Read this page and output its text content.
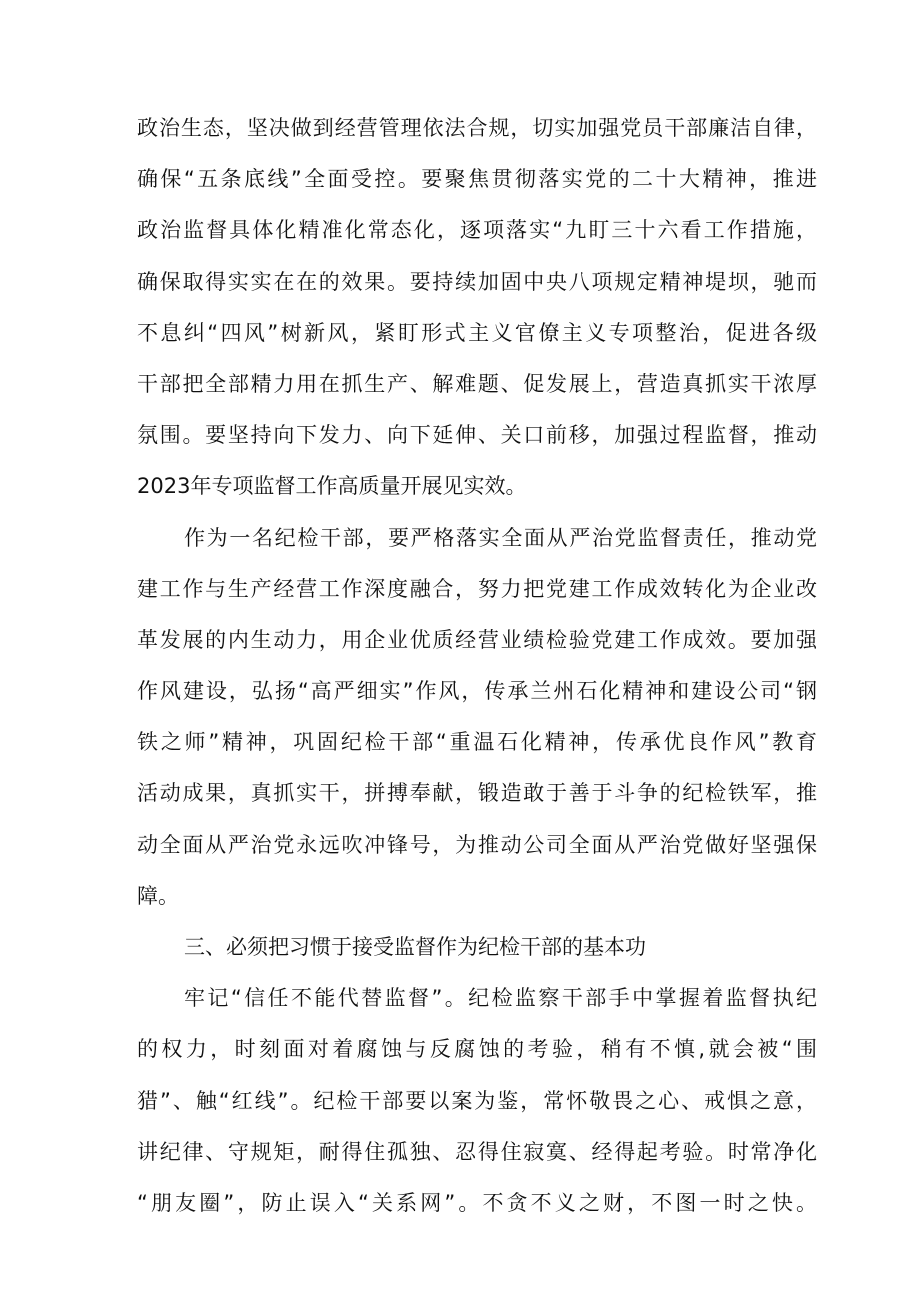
政治生态，坚决做到经营管理依法合规，切实加强党员干部廉洁自律，
确保“五条底线”全面受控。要聚焦贯彻落实党的二十大精神，推进
政治监督具体化精准化常态化，逐项落实“九盯三十六看工作措施，
确保取得实实在在的效果。要持续加固中央八项规定精神堤坝，驰而
不息纠“四风”树新风，紧盯形式主义官僚主义专项整治，促进各级
干部把全部精力用在抓生产、解难题、促发展上，营造真抓实干浓厚
氛围。要坚持向下发力、向下延伸、关口前移，加强过程监督，推动
2023年专项监督工作高质量开展见实效。
作为一名纪检干部，要严格落实全面从严治党监督责任，推动党
建工作与生产经营工作深度融合，努力把党建工作成效转化为企业改
革发展的内生动力，用企业优质经营业绩检验党建工作成效。要加强
作风建设，弘扬“高严细实”作风，传承兰州石化精神和建设公司“钢
铁之师”精神，巩固纪检干部“重温石化精神，传承优良作风”教育
活动成果，真抓实干，拼搏奉献，锻造敢于善于斗争的纪检铁军，推
动全面从严治党永远吹冲锋号，为推动公司全面从严治党做好坚强保
障。
三、必须把习惯于接受监督作为纪检干部的基本功
牢记“信任不能代替监督”。纪检监察干部手中掌握着监督执纪
的权力，时刻面对着腐蚀与反腐蚀的考验，稍有不慎,就会被“围
猎”、触“红线”。纪检干部要以案为鉴，常怀敬畏之心、戒惧之意，
讲纪律、守规矩，耐得住孤独、忍得住寂寞、经得起考验。时常净化
“朋友圈”，防止误入“关系网”。不贪不义之财，不图一时之快。
